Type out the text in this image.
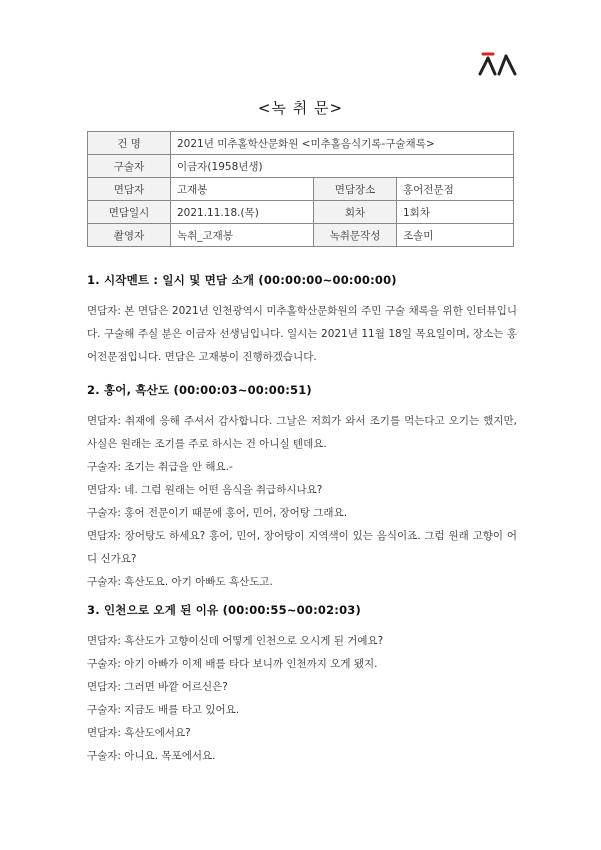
<녹 취 문>
건 명	2021년 미추홀학산문화원 <미추홀음식기록-구술채록>		
구술자	이금자(1958년생)		
면담자	고재봉	면담장소	홍어전문점
면담일시	2021.11.18.(목)	회차	1회차
촬영자	녹취_고재봉	녹취문작성	조솔미
1. 시작멘트 : 일시 및 면담 소개 (00:00:00~00:00:00)
면담자: 본 면담은 2021년 인천광역시 미추홀학산문화원의 주민 구술 채록을 위한 인터뷰입니다. 구술해 주실 분은 이금자 선생님입니다. 일시는 2021년 11월 18일 목요일이며, 장소는 홍어전문점입니다. 면담은 고재봉이 진행하겠습니다.
2. 홍어, 흑산도 (00:00:03~00:00:51)
면담자: 취재에 응해 주셔서 감사합니다. 그날은 저희가 와서 조기를 먹는다고 오기는 했지만, 사실은 원래는 조기를 주로 하시는 건 아니실 텐데요.
구술자: 조기는 취급을 안 해요.-
면담자: 네. 그럼 원래는 어떤 음식을 취급하시나요?
구술자: 홍어 전문이기 때문에 홍어, 민어, 장어탕 그래요.
면담자: 장어탕도 하세요? 홍어, 민어, 장어탕이 지역색이 있는 음식이죠. 그럼 원래 고향이 어디 신가요?
구술자: 흑산도요. 아기 아빠도 흑산도고.
3. 인천으로 오게 된 이유 (00:00:55~00:02:03)
면담자: 흑산도가 고향이신데 어떻게 인천으로 오시게 된 거예요?
구술자: 아기 아빠가 이제 배를 타다 보니까 인천까지 오게 됐지.
면담자: 그러면 바깥 어르신은?
구술자: 지금도 배를 타고 있어요.
면담자: 흑산도에서요?
구술자: 아니요. 목포에서요.
